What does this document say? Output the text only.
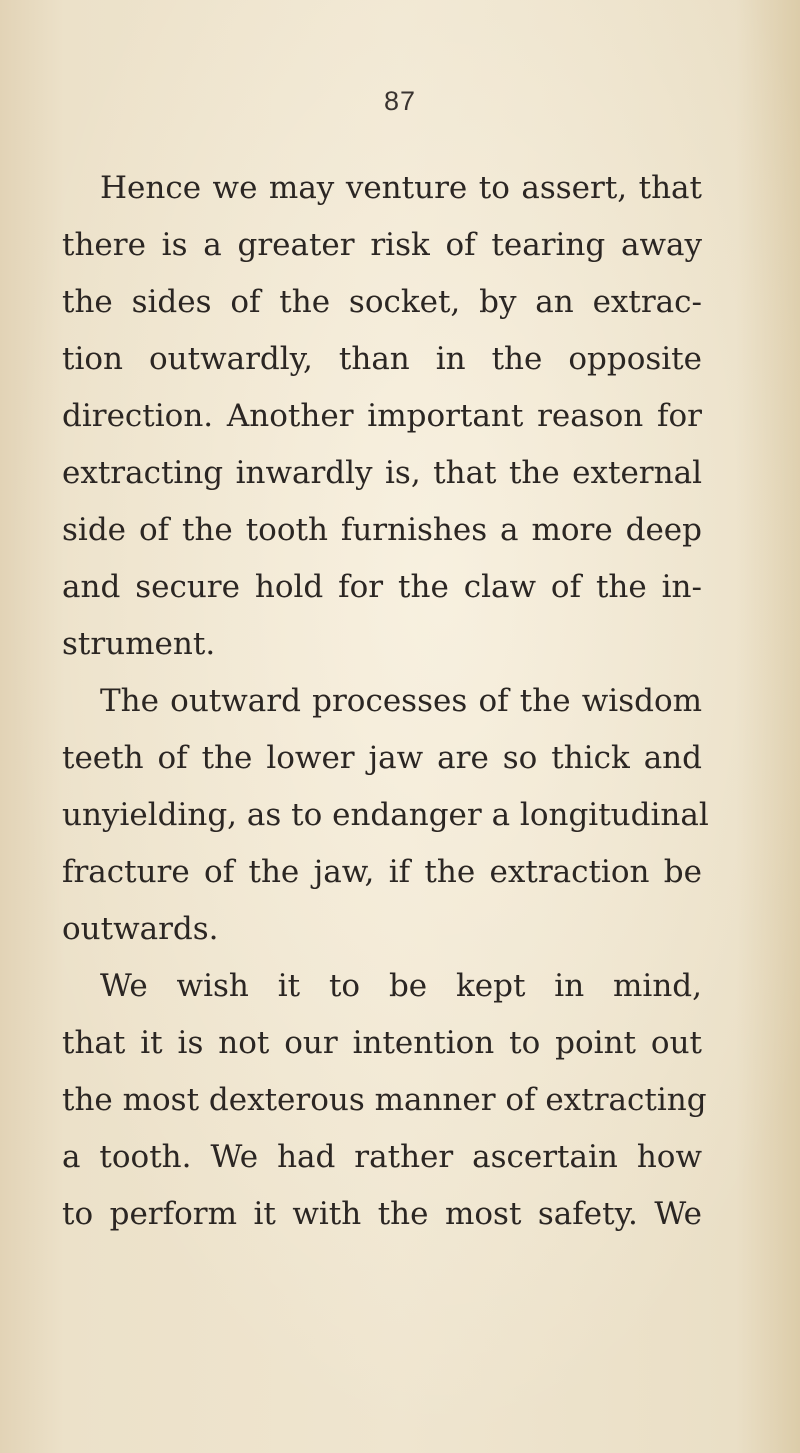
87
Hence we may venture to assert, that
there is a greater risk of tearing away
the sides of the socket, by an extrac-
tion outwardly, than in the opposite
direction. Another important reason for
extracting inwardly is, that the external
side of the tooth furnishes a more deep
and secure hold for the claw of the in-
strument.
The outward processes of the wisdom
teeth of the lower jaw are so thick and
unyielding, as to endanger a longitudinal
fracture of the jaw, if the extraction be
outwards.
We wish it to be kept in mind,
that it is not our intention to point out
the most dexterous manner of extracting
a tooth. We had rather ascertain how
to perform it with the most safety. We
